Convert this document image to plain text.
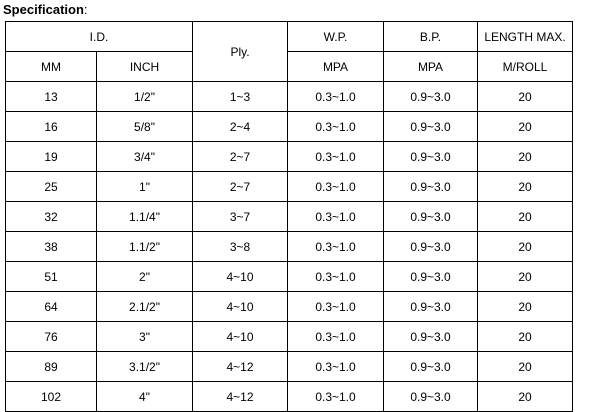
Specification:
I.D.		Ply.	W.P.	B.P.	LENGTH MAX.
MM	INCH		MPA	MPA	M/ROLL
13	1/2"	1~3	0.3~1.0	0.9~3.0	20
16	5/8"	2~4	0.3~1.0	0.9~3.0	20
19	3/4"	2~7	0.3~1.0	0.9~3.0	20
25	1"	2~7	0.3~1.0	0.9~3.0	20
32	1.1/4"	3~7	0.3~1.0	0.9~3.0	20
38	1.1/2"	3~8	0.3~1.0	0.9~3.0	20
51	2"	4~10	0.3~1.0	0.9~3.0	20
64	2.1/2"	4~10	0.3~1.0	0.9~3.0	20
76	3"	4~10	0.3~1.0	0.9~3.0	20
89	3.1/2"	4~12	0.3~1.0	0.9~3.0	20
102	4"	4~12	0.3~1.0	0.9~3.0	20
